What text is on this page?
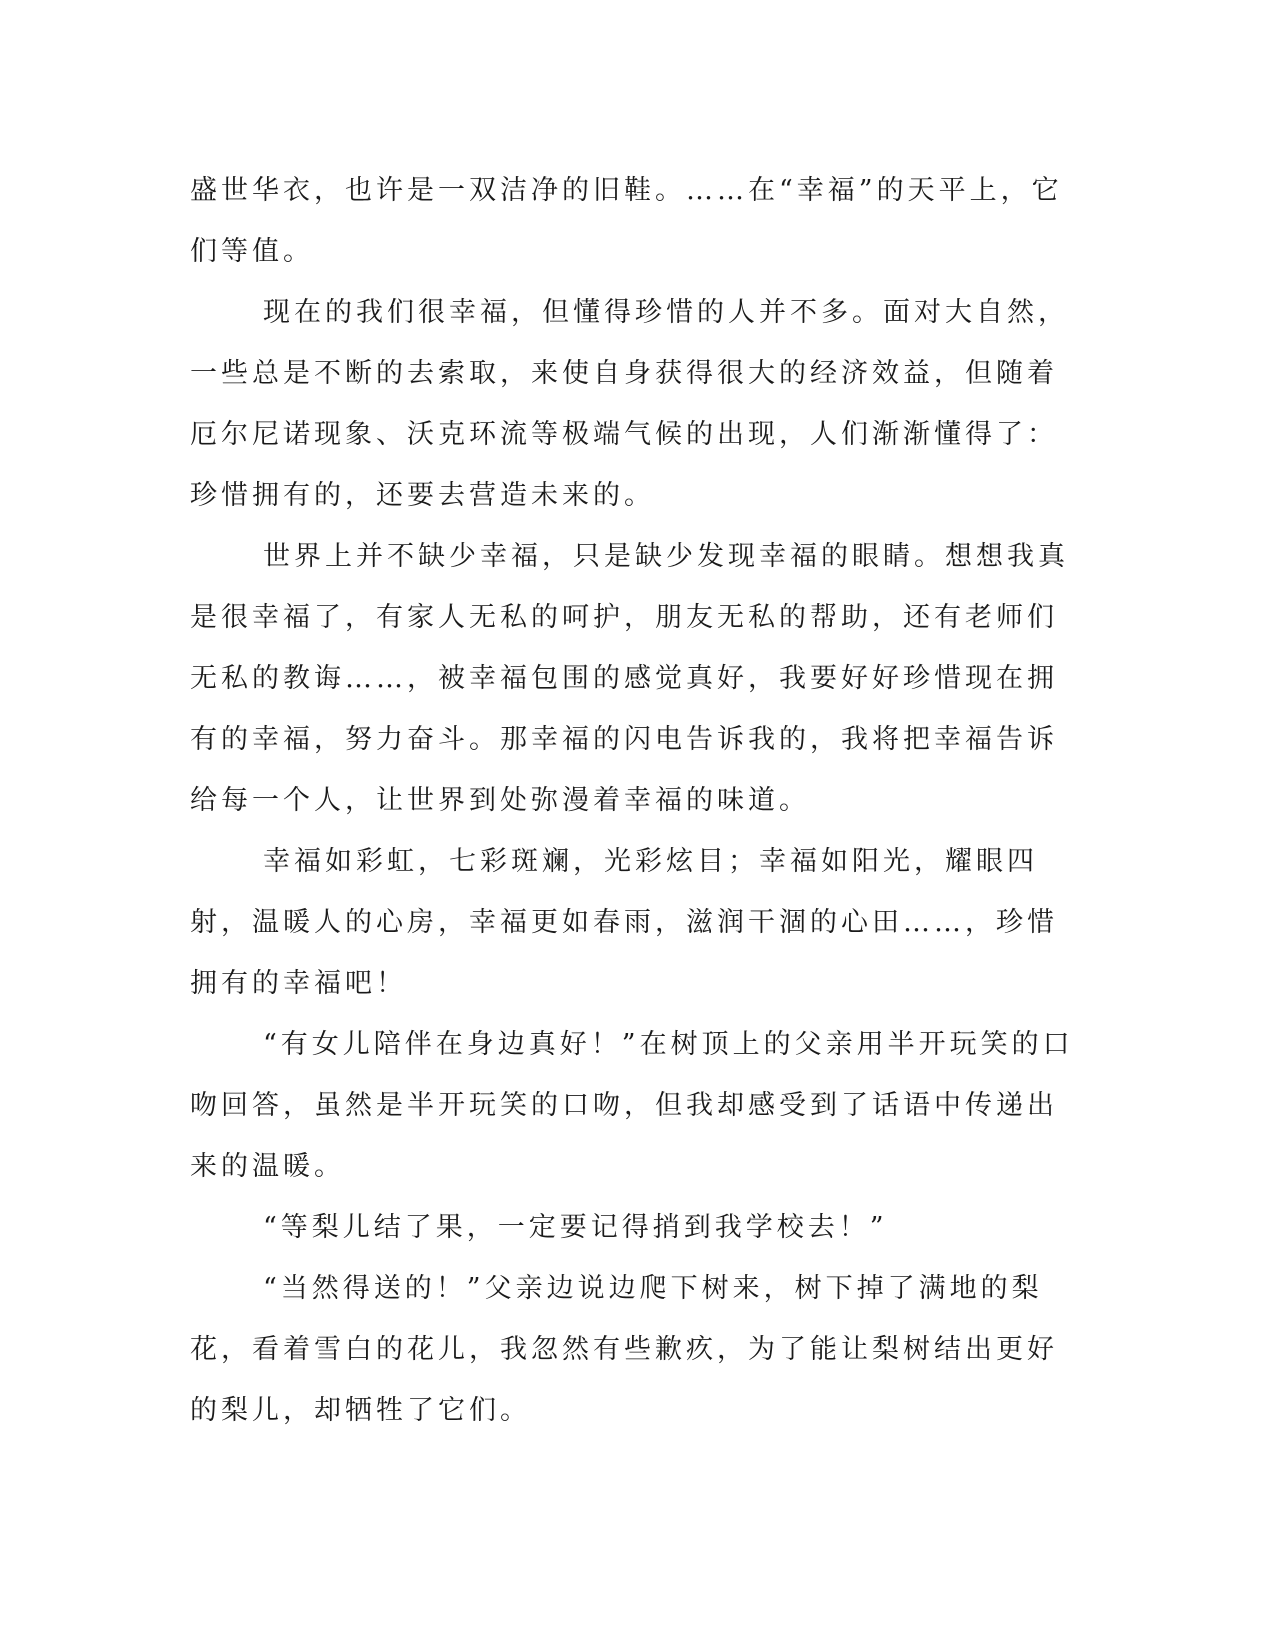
盛世华衣，也许是一双洁净的旧鞋。……在“幸福”的天平上，它们等值。

现在的我们很幸福，但懂得珍惜的人并不多。面对大自然，一些总是不断的去索取，来使自身获得很大的经济效益，但随着厄尔尼诺现象、沃克环流等极端气候的出现，人们渐渐懂得了：珍惜拥有的，还要去营造未来的。

世界上并不缺少幸福，只是缺少发现幸福的眼睛。想想我真是很幸福了，有家人无私的呵护，朋友无私的帮助，还有老师们无私的教诲……，被幸福包围的感觉真好，我要好好珍惜现在拥有的幸福，努力奋斗。那幸福的闪电告诉我的，我将把幸福告诉给每一个人，让世界到处弥漫着幸福的味道。

幸福如彩虹，七彩斑斓，光彩炫目；幸福如阳光，耀眼四射，温暖人的心房，幸福更如春雨，滋润干涸的心田……，珍惜拥有的幸福吧！

“有女儿陪伴在身边真好！”在树顶上的父亲用半开玩笑的口吻回答，虽然是半开玩笑的口吻，但我却感受到了话语中传递出来的温暖。

“等梨儿结了果，一定要记得捎到我学校去！”

“当然得送的！”父亲边说边爬下树来，树下掉了满地的梨花，看着雪白的花儿，我忽然有些歉疚，为了能让梨树结出更好的梨儿，却牺牲了它们。
